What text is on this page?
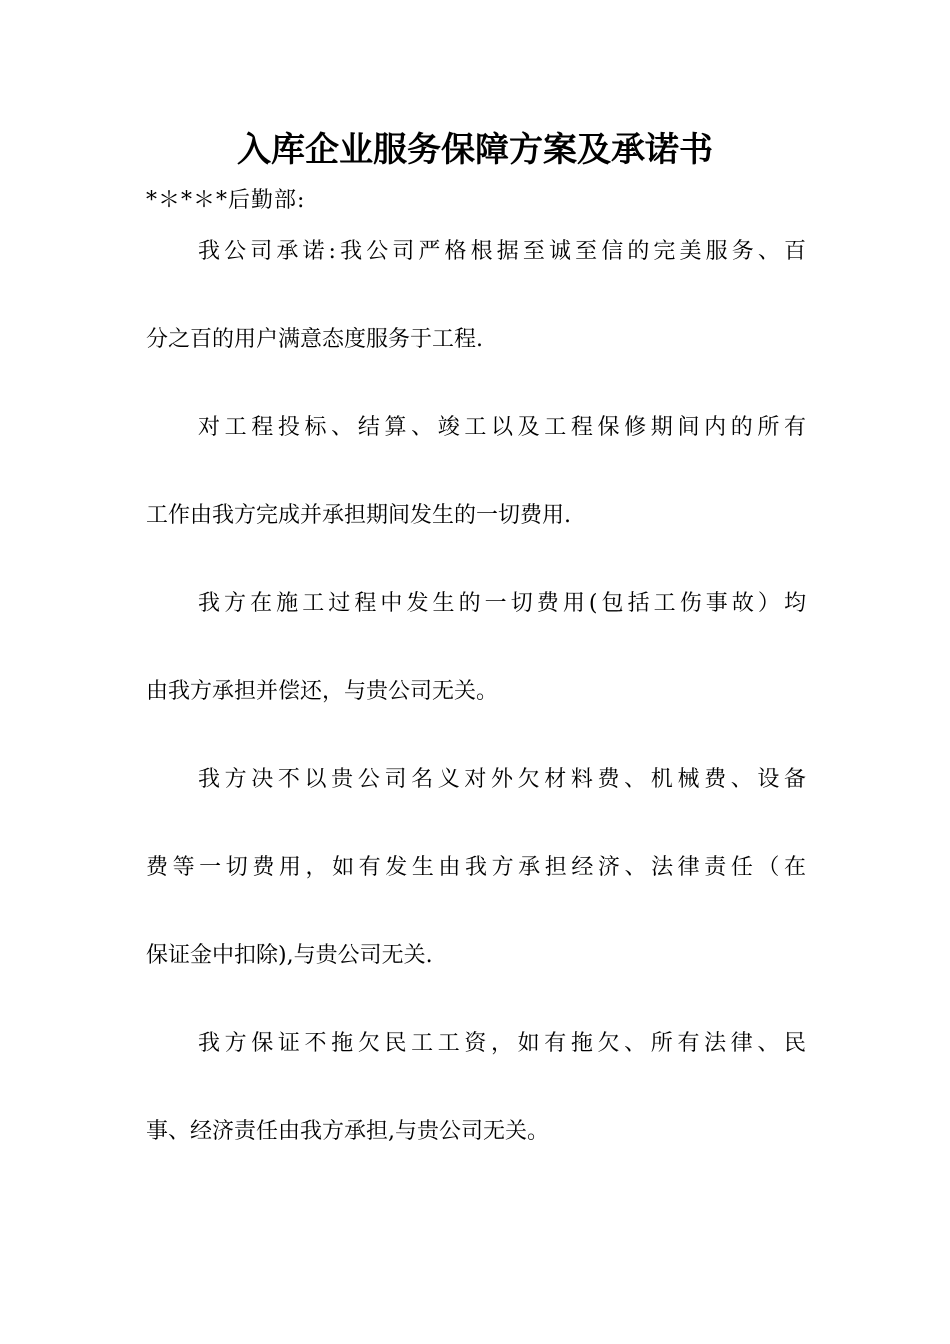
入库企业服务保障方案及承诺书
*＊*＊*后勤部:

我公司承诺:我公司严格根据至诚至信的完美服务、百
分之百的用户满意态度服务于工程.

对工程投标、结算、竣工以及工程保修期间内的所有
工作由我方完成并承担期间发生的一切费用.

我方在施工过程中发生的一切费用(包括工伤事故）均
由我方承担并偿还，与贵公司无关。

我方决不以贵公司名义对外欠材料费、机械费、设备
费等一切费用，如有发生由我方承担经济、法律责任（在
保证金中扣除),与贵公司无关.

我方保证不拖欠民工工资，如有拖欠、所有法律、民
事、经济责任由我方承担,与贵公司无关。
